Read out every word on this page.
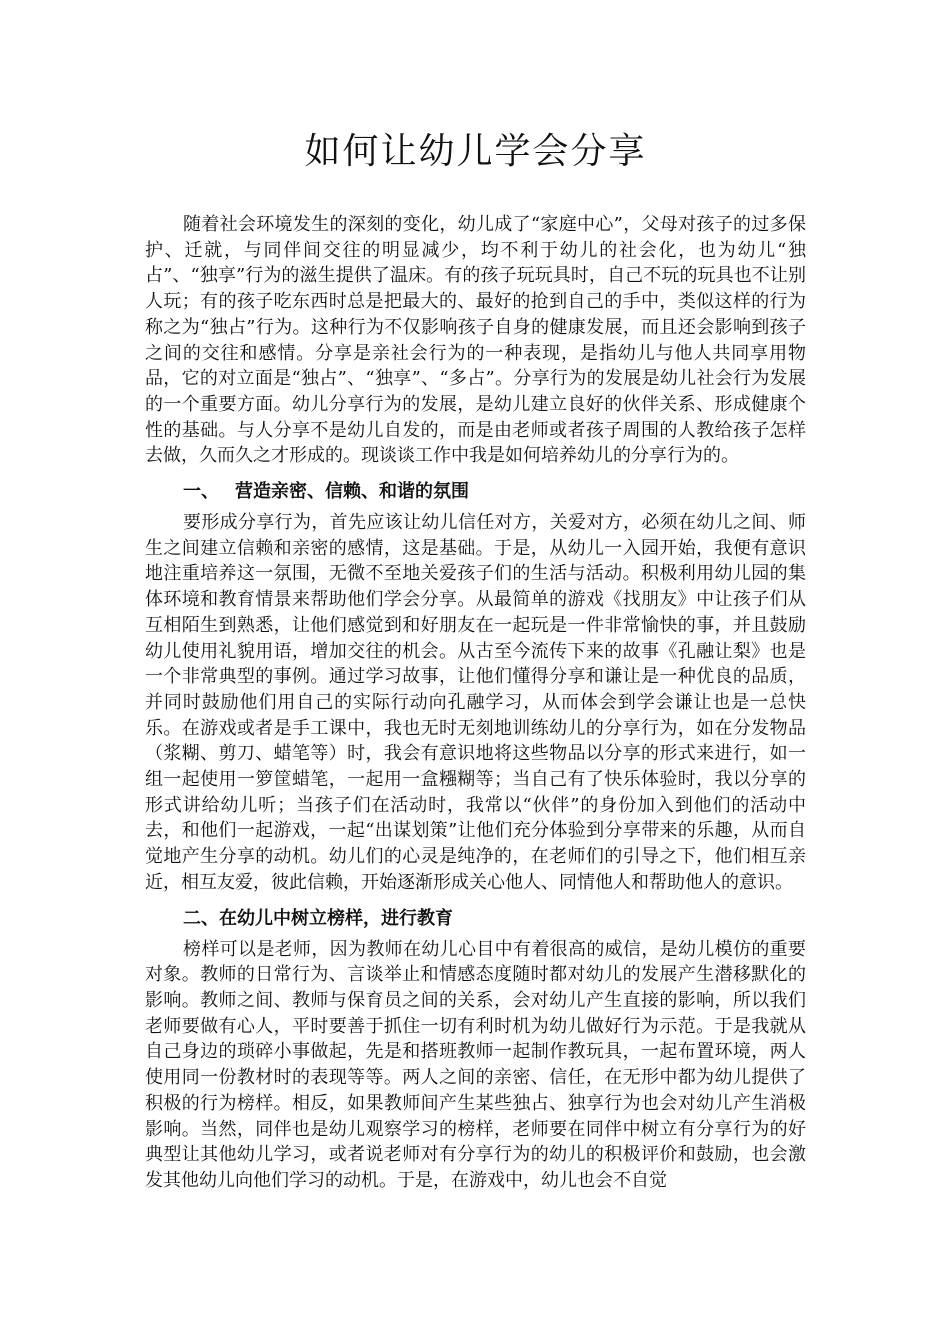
如何让幼儿学会分享

随着社会环境发生的深刻的变化，幼儿成了“家庭中心”，父母对孩子的过多保护、迁就，与同伴间交往的明显减少，均不利于幼儿的社会化，也为幼儿“独占”、“独享”行为的滋生提供了温床。有的孩子玩玩具时，自己不玩的玩具也不让别人玩；有的孩子吃东西时总是把最大的、最好的抢到自己的手中，类似这样的行为称之为“独占”行为。这种行为不仅影响孩子自身的健康发展，而且还会影响到孩子之间的交往和感情。分享是亲社会行为的一种表现，是指幼儿与他人共同享用物品，它的对立面是“独占”、“独享”、“多占”。分享行为的发展是幼儿社会行为发展的一个重要方面。幼儿分享行为的发展，是幼儿建立良好的伙伴关系、形成健康个性的基础。与人分享不是幼儿自发的，而是由老师或者孩子周围的人教给孩子怎样去做，久而久之才形成的。现谈谈工作中我是如何培养幼儿的分享行为的。

一、 营造亲密、信赖、和谐的氛围

要形成分享行为，首先应该让幼儿信任对方，关爱对方，必须在幼儿之间、师生之间建立信赖和亲密的感情，这是基础。于是，从幼儿一入园开始，我便有意识地注重培养这一氛围，无微不至地关爱孩子们的生活与活动。积极利用幼儿园的集体环境和教育情景来帮助他们学会分享。从最简单的游戏《找朋友》中让孩子们从互相陌生到熟悉，让他们感觉到和好朋友在一起玩是一件非常愉快的事，并且鼓励幼儿使用礼貌用语，增加交往的机会。从古至今流传下来的故事《孔融让梨》也是一个非常典型的事例。通过学习故事，让他们懂得分享和谦让是一种优良的品质，并同时鼓励他们用自己的实际行动向孔融学习，从而体会到学会谦让也是一总快乐。在游戏或者是手工课中，我也无时无刻地训练幼儿的分享行为，如在分发物品（浆糊、剪刀、蜡笔等）时，我会有意识地将这些物品以分享的形式来进行，如一组一起使用一箩筐蜡笔，一起用一盒糨糊等；当自己有了快乐体验时，我以分享的形式讲给幼儿听；当孩子们在活动时，我常以“伙伴”的身份加入到他们的活动中去，和他们一起游戏，一起“出谋划策”让他们充分体验到分享带来的乐趣，从而自觉地产生分享的动机。幼儿们的心灵是纯净的，在老师们的引导之下，他们相互亲近，相互友爱，彼此信赖，开始逐渐形成关心他人、同情他人和帮助他人的意识。

二、在幼儿中树立榜样，进行教育

榜样可以是老师，因为教师在幼儿心目中有着很高的威信，是幼儿模仿的重要对象。教师的日常行为、言谈举止和情感态度随时都对幼儿的发展产生潜移默化的影响。教师之间、教师与保育员之间的关系，会对幼儿产生直接的影响，所以我们老师要做有心人，平时要善于抓住一切有利时机为幼儿做好行为示范。于是我就从自己身边的琐碎小事做起，先是和搭班教师一起制作教玩具，一起布置环境，两人使用同一份教材时的表现等等。两人之间的亲密、信任，在无形中都为幼儿提供了积极的行为榜样。相反，如果教师间产生某些独占、独享行为也会对幼儿产生消极影响。当然，同伴也是幼儿观察学习的榜样，老师要在同伴中树立有分享行为的好典型让其他幼儿学习，或者说老师对有分享行为的幼儿的积极评价和鼓励，也会激发其他幼儿向他们学习的动机。于是，在游戏中，幼儿也会不自觉
